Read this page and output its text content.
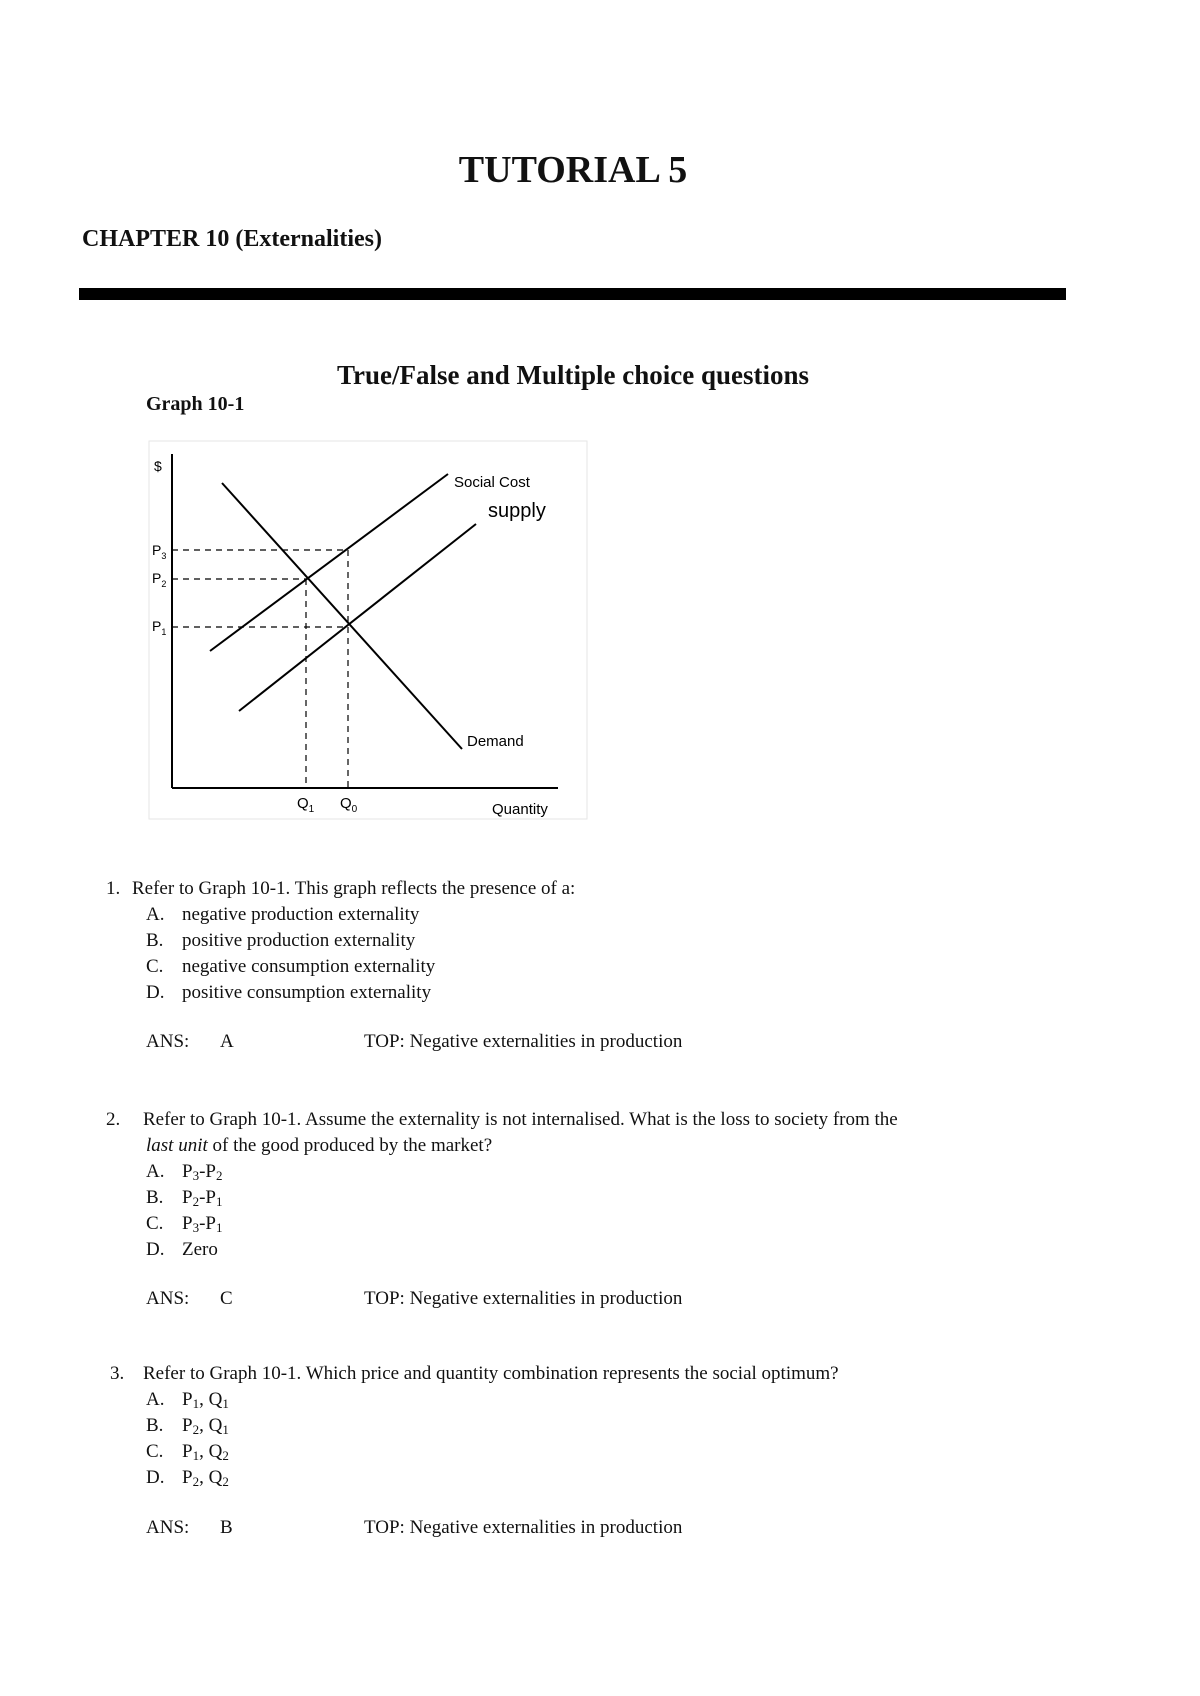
TUTORIAL 5
CHAPTER 10 (Externalities)
True/False and Multiple choice questions
Graph 10-1
$
Social Cost
supply
Demand
Quantity
$P_3$
$P_2$
$P_1$
$Q_1$ $Q_0$
1. Refer to Graph 10-1. This graph reflects the presence of a:
A. negative production externality
B. positive production externality
C. negative consumption externality
D. positive consumption externality
ANS: A	TOP: Negative externalities in production
2. Refer to Graph 10-1. Assume the externality is not internalised. What is the loss to society from the
last unit of the good produced by the market?
A. $P_3-P_2$
B. $P_2-P_1$
C. $P_3-P_1$
D. Zero
ANS: C	TOP: Negative externalities in production
3. Refer to Graph 10-1. Which price and quantity combination represents the social optimum?
A. $P_1$, $Q_1$
B. $P_2$, $Q_1$
C. $P_1$, $Q_2$
D. $P_2$, $Q_2$
ANS: B	TOP: Negative externalities in production
